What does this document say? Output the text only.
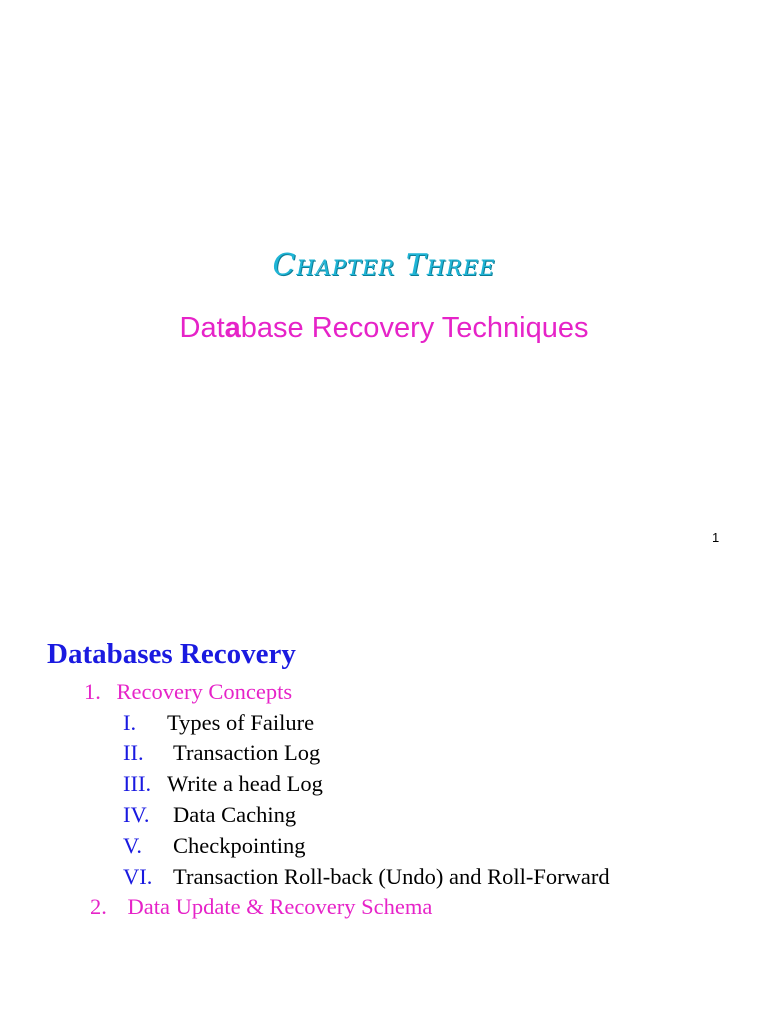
Chapter Three
Database Recovery Techniques
1
Databases Recovery
1. Recovery Concepts
I. Types of Failure
II. Transaction Log
III. Write a head Log
IV. Data Caching
V. Checkpointing
VI. Transaction Roll-back (Undo) and Roll-Forward
2. Data Update & Recovery Schema
